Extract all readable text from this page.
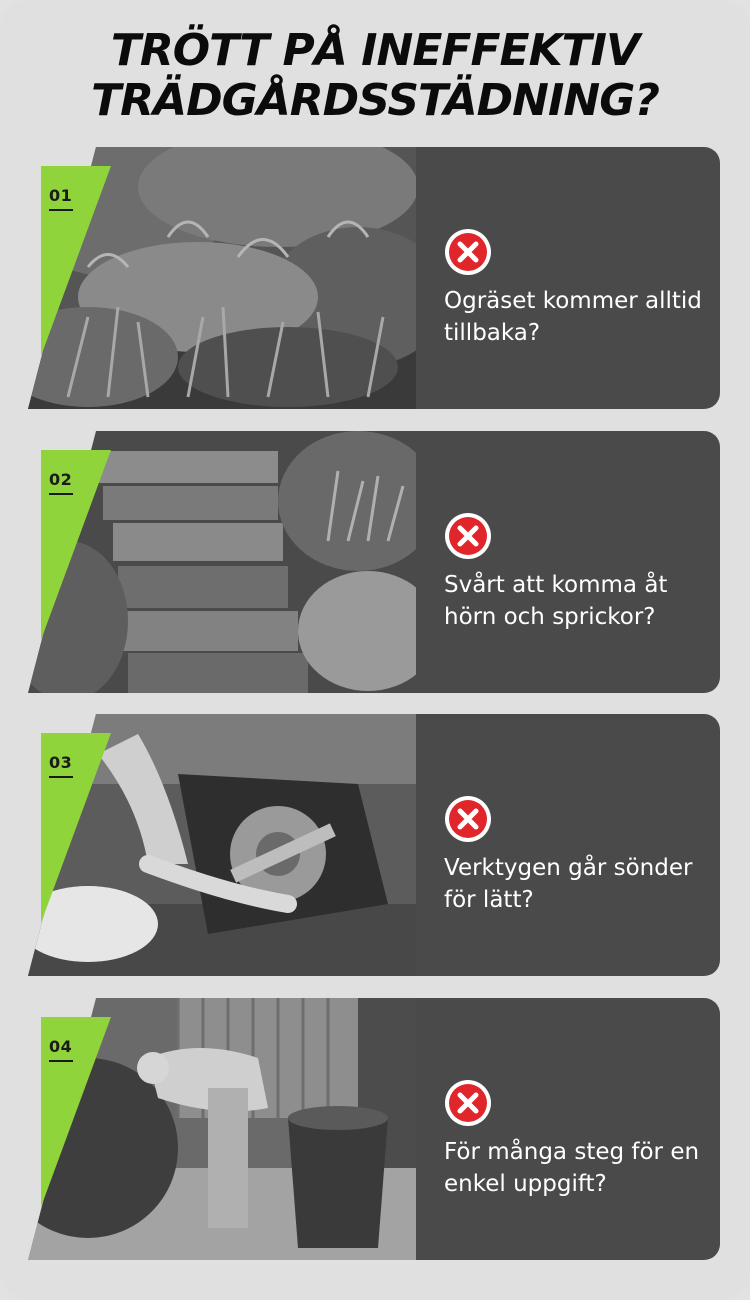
TRÖTT PÅ INEFFEKTIV
TRÄDGÅRDSSTÄDNING?
01

Ogräset kommer alltid tillbaka?

02

Svårt att komma åt hörn och sprickor?

03

Verktygen går sönder för lätt?

04

För många steg för en enkel uppgift?
